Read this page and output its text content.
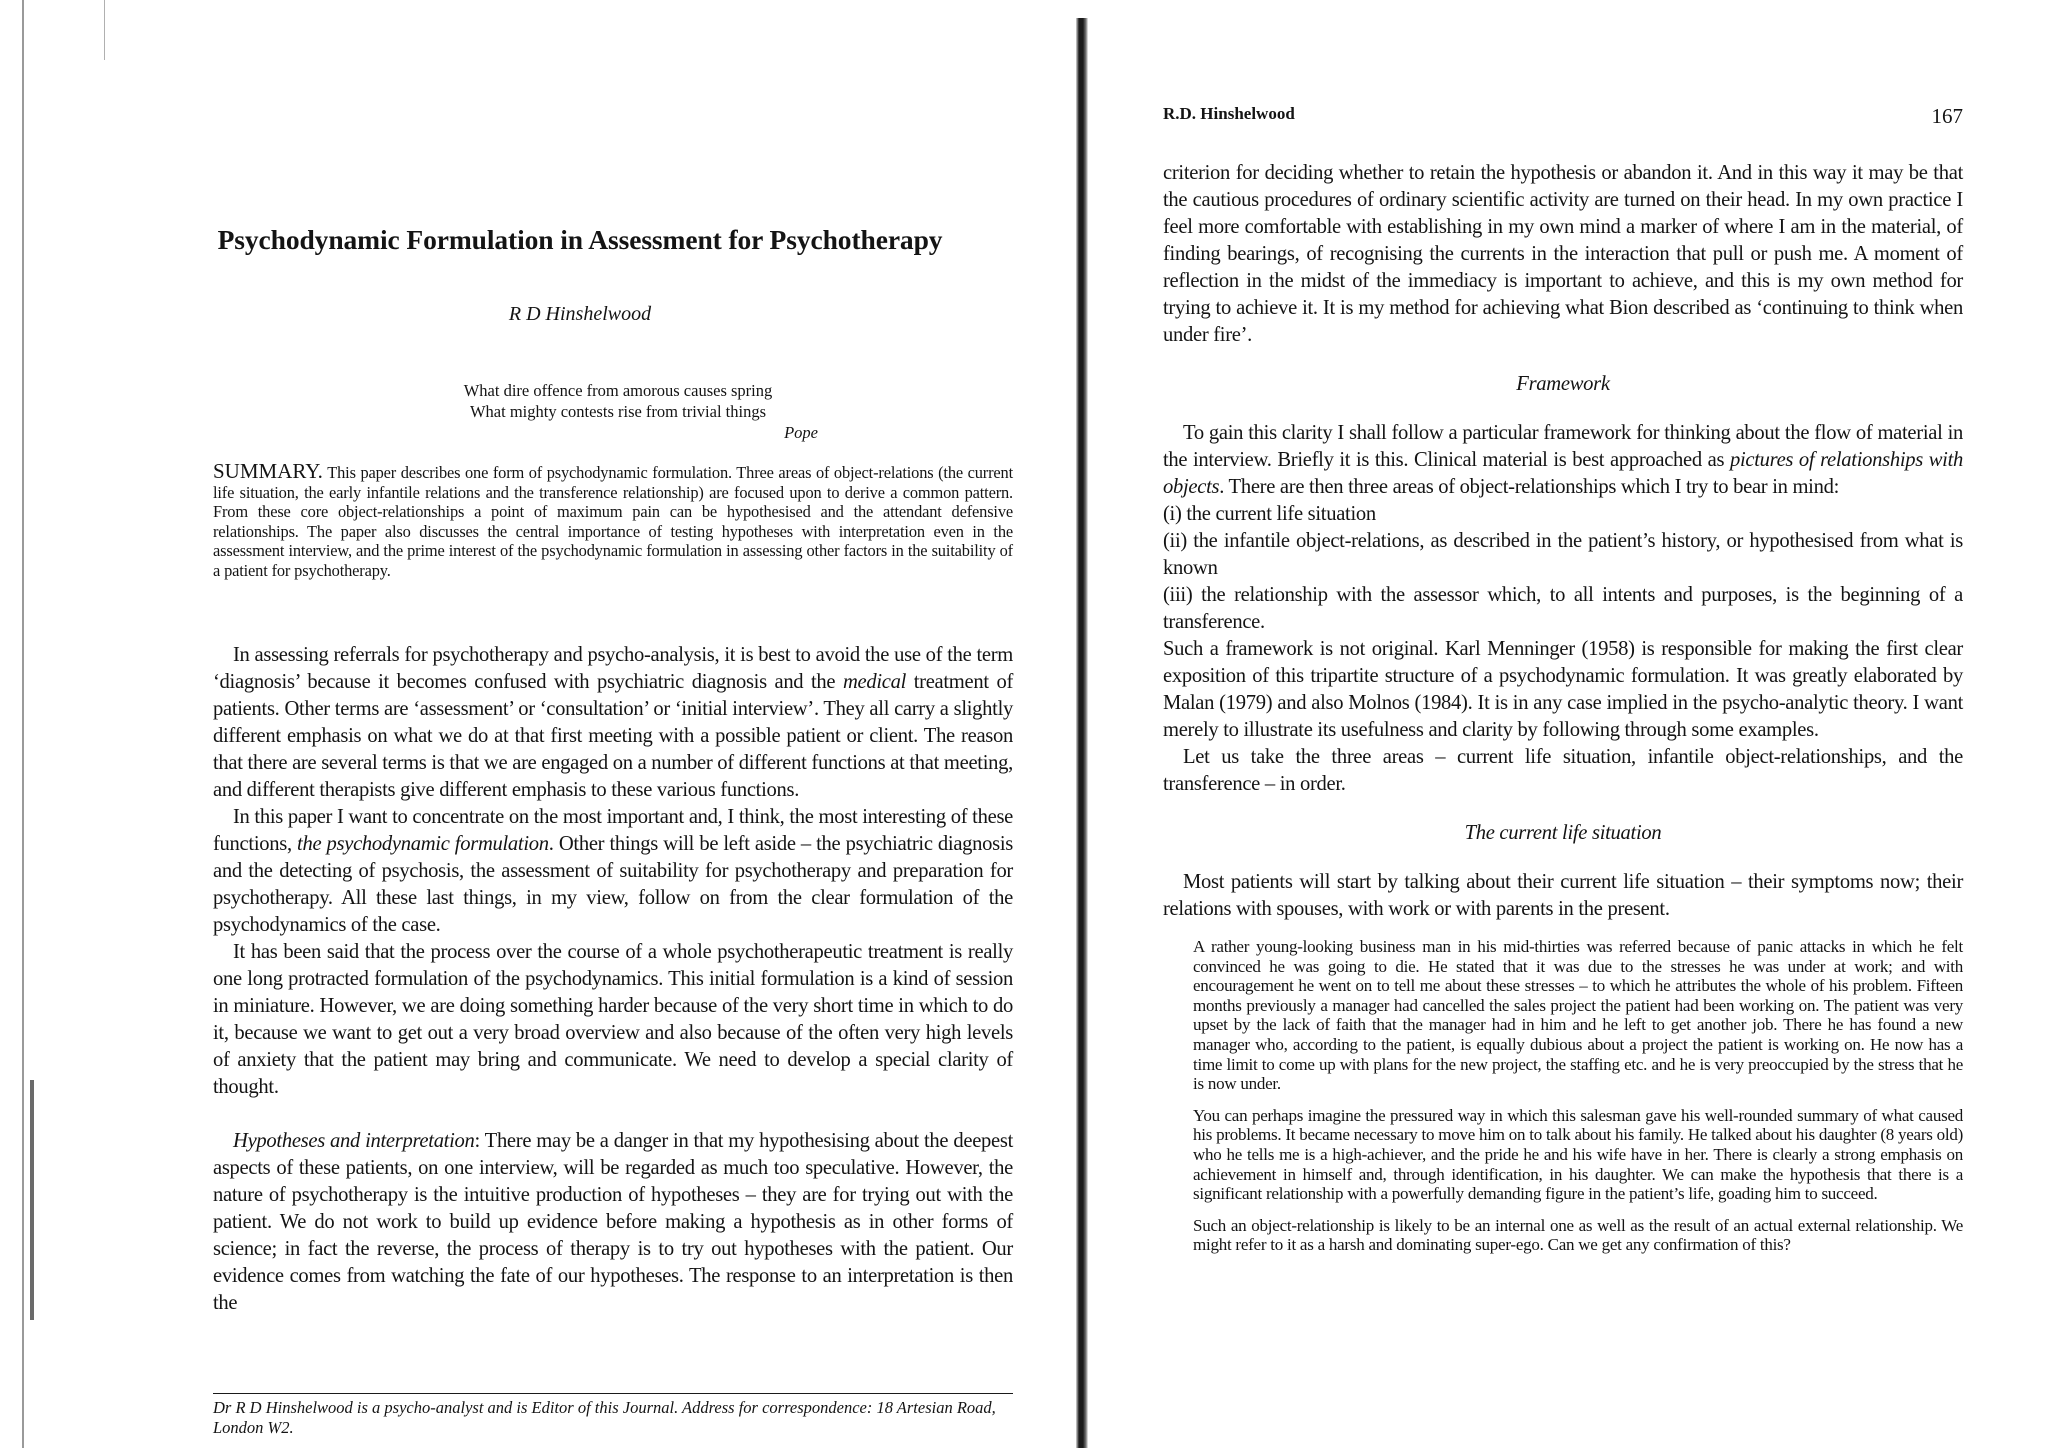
Psychodynamic Formulation in Assessment for Psychotherapy

R D Hinshelwood

What dire offence from amorous causes spring
What mighty contests rise from trivial things
Pope

SUMMARY. This paper describes one form of psychodynamic formulation. Three areas of object-relations (the current life situation, the early infantile relations and the transference relationship) are focused upon to derive a common pattern. From these core object-relationships a point of maximum pain can be hypothesised and the attendant defensive relationships. The paper also discusses the central importance of testing hypotheses with interpretation even in the assessment interview, and the prime interest of the psychodynamic formulation in assessing other factors in the suitability of a patient for psychotherapy.

In assessing referrals for psychotherapy and psycho-analysis, it is best to avoid the use of the term ‘diagnosis’ because it becomes confused with psychiatric diagnosis and the medical treatment of patients. Other terms are ‘assessment’ or ‘consultation’ or ‘initial interview’. They all carry a slightly different emphasis on what we do at that first meeting with a possible patient or client. The reason that there are several terms is that we are engaged on a number of different functions at that meeting, and different therapists give different emphasis to these various functions.

In this paper I want to concentrate on the most important and, I think, the most interesting of these functions, the psychodynamic formulation. Other things will be left aside – the psychiatric diagnosis and the detecting of psychosis, the assessment of suitability for psychotherapy and preparation for psychotherapy. All these last things, in my view, follow on from the clear formulation of the psychodynamics of the case.

It has been said that the process over the course of a whole psychotherapeutic treatment is really one long protracted formulation of the psychodynamics. This initial formulation is a kind of session in miniature. However, we are doing something harder because of the very short time in which to do it, because we want to get out a very broad overview and also because of the often very high levels of anxiety that the patient may bring and communicate. We need to develop a special clarity of thought.

Hypotheses and interpretation: There may be a danger in that my hypothesising about the deepest aspects of these patients, on one interview, will be regarded as much too speculative. However, the nature of psychotherapy is the intuitive production of hypotheses – they are for trying out with the patient. We do not work to build up evidence before making a hypothesis as in other forms of science; in fact the reverse, the process of therapy is to try out hypotheses with the patient. Our evidence comes from watching the fate of our hypotheses. The response to an interpretation is then the

Dr R D Hinshelwood is a psycho-analyst and is Editor of this Journal. Address for correspondence: 18 Artesian Road, London W2.

R.D. Hinshelwood	167

criterion for deciding whether to retain the hypothesis or abandon it. And in this way it may be that the cautious procedures of ordinary scientific activity are turned on their head. In my own practice I feel more comfortable with establishing in my own mind a marker of where I am in the material, of finding bearings, of recognising the currents in the interaction that pull or push me. A moment of reflection in the midst of the immediacy is important to achieve, and this is my own method for trying to achieve it. It is my method for achieving what Bion described as ‘continuing to think when under fire’.

Framework

To gain this clarity I shall follow a particular framework for thinking about the flow of material in the interview. Briefly it is this. Clinical material is best approached as pictures of relationships with objects. There are then three areas of object-relationships which I try to bear in mind:

(i) the current life situation

(ii) the infantile object-relations, as described in the patient’s history, or hypothesised from what is known

(iii) the relationship with the assessor which, to all intents and purposes, is the beginning of a transference.

Such a framework is not original. Karl Menninger (1958) is responsible for making the first clear exposition of this tripartite structure of a psychodynamic formulation. It was greatly elaborated by Malan (1979) and also Molnos (1984). It is in any case implied in the psycho-analytic theory. I want merely to illustrate its usefulness and clarity by following through some examples.

Let us take the three areas – current life situation, infantile object-relationships, and the transference – in order.

The current life situation

Most patients will start by talking about their current life situation – their symptoms now; their relations with spouses, with work or with parents in the present.

A rather young-looking business man in his mid-thirties was referred because of panic attacks in which he felt convinced he was going to die. He stated that it was due to the stresses he was under at work; and with encouragement he went on to tell me about these stresses – to which he attributes the whole of his problem. Fifteen months previously a manager had cancelled the sales project the patient had been working on. The patient was very upset by the lack of faith that the manager had in him and he left to get another job. There he has found a new manager who, according to the patient, is equally dubious about a project the patient is working on. He now has a time limit to come up with plans for the new project, the staffing etc. and he is very preoccupied by the stress that he is now under.

You can perhaps imagine the pressured way in which this salesman gave his well-rounded summary of what caused his problems. It became necessary to move him on to talk about his family. He talked about his daughter (8 years old) who he tells me is a high-achiever, and the pride he and his wife have in her. There is clearly a strong emphasis on achievement in himself and, through identification, in his daughter. We can make the hypothesis that there is a significant relationship with a powerfully demanding figure in the patient’s life, goading him to succeed.

Such an object-relationship is likely to be an internal one as well as the result of an actual external relationship. We might refer to it as a harsh and dominating super-ego. Can we get any confirmation of this?
